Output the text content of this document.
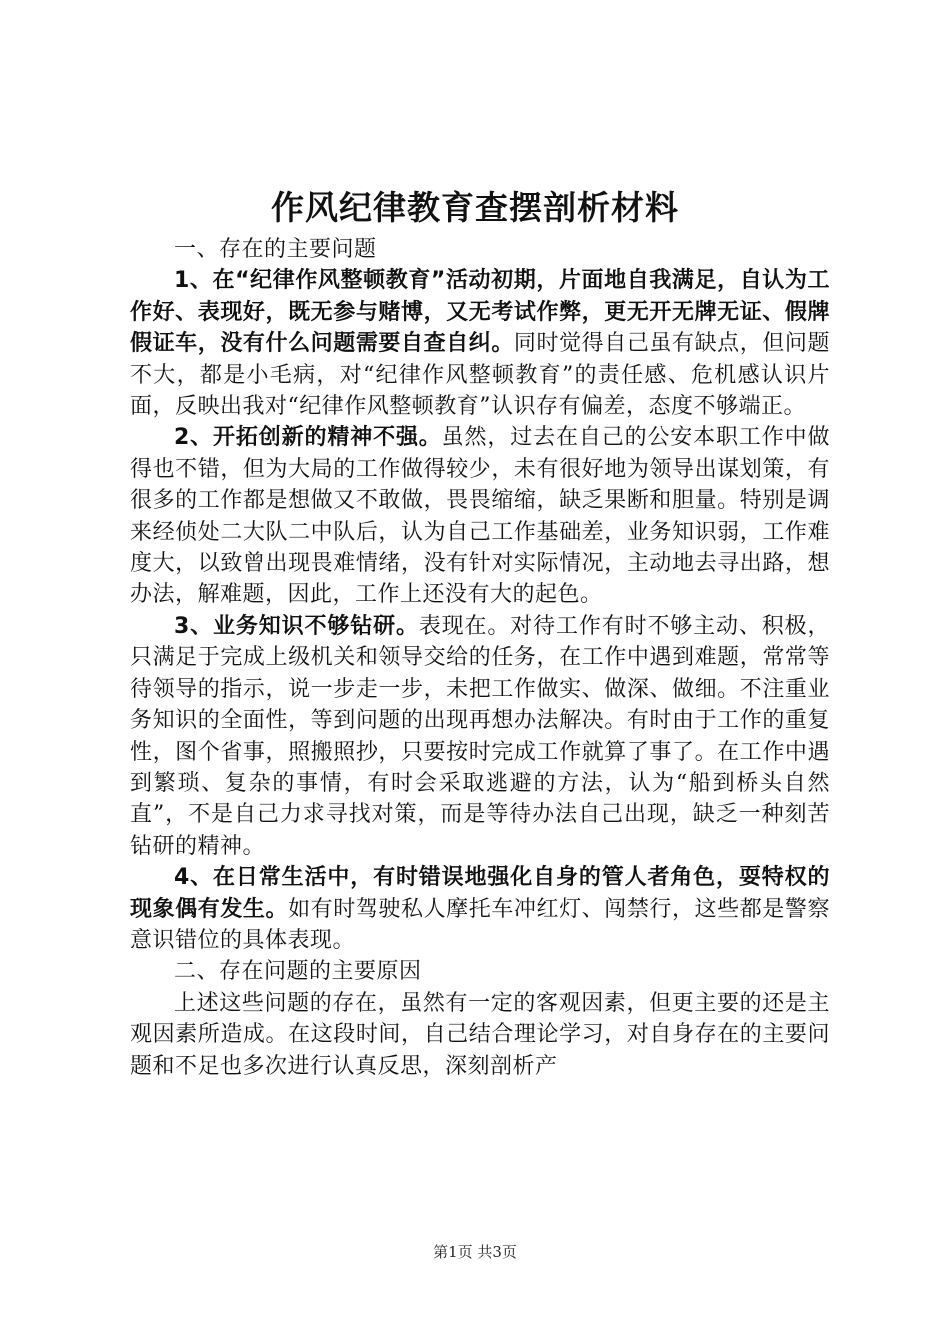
作风纪律教育查摆剖析材料

一、存在的主要问题

1、在“纪律作风整顿教育”活动初期，片面地自我满足，自认为工作好、表现好，既无参与赌博，又无考试作弊，更无开无牌无证、假牌假证车，没有什么问题需要自查自纠。同时觉得自己虽有缺点，但问题不大，都是小毛病，对“纪律作风整顿教育”的责任感、危机感认识片面，反映出我对“纪律作风整顿教育”认识存有偏差，态度不够端正。

2、开拓创新的精神不强。虽然，过去在自己的公安本职工作中做得也不错，但为大局的工作做得较少，未有很好地为领导出谋划策，有很多的工作都是想做又不敢做，畏畏缩缩，缺乏果断和胆量。特别是调来经侦处二大队二中队后，认为自己工作基础差，业务知识弱，工作难度大，以致曾出现畏难情绪，没有针对实际情况，主动地去寻出路，想办法，解难题，因此，工作上还没有大的起色。

3、业务知识不够钻研。表现在。对待工作有时不够主动、积极，只满足于完成上级机关和领导交给的任务，在工作中遇到难题，常常等待领导的指示，说一步走一步，未把工作做实、做深、做细。不注重业务知识的全面性，等到问题的出现再想办法解决。有时由于工作的重复性，图个省事，照搬照抄，只要按时完成工作就算了事了。在工作中遇到繁琐、复杂的事情，有时会采取逃避的方法，认为“船到桥头自然直”，不是自己力求寻找对策，而是等待办法自己出现，缺乏一种刻苦钻研的精神。

4、在日常生活中，有时错误地强化自身的管人者角色，耍特权的现象偶有发生。如有时驾驶私人摩托车冲红灯、闯禁行，这些都是警察意识错位的具体表现。

二、存在问题的主要原因

上述这些问题的存在，虽然有一定的客观因素，但更主要的还是主观因素所造成。在这段时间，自己结合理论学习，对自身存在的主要问题和不足也多次进行认真反思，深刻剖析产

第1页 共3页
